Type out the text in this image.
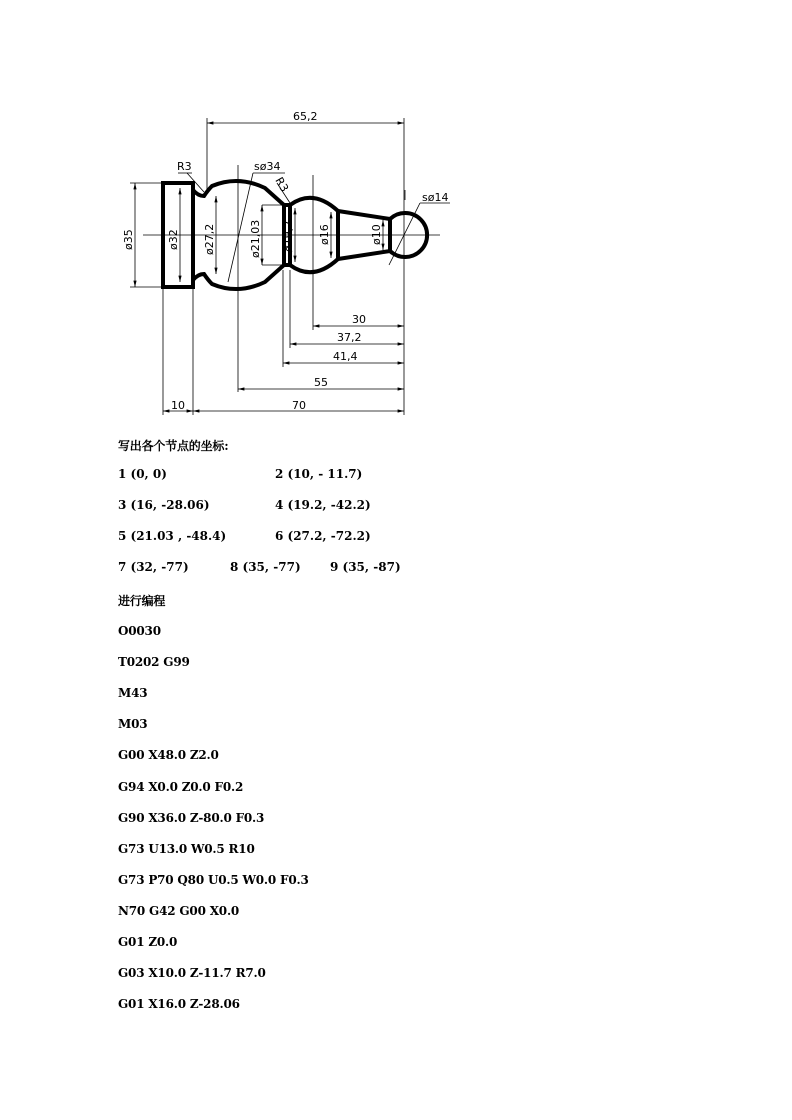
65,2
R3	sø34
R3
sø14
ø35	ø32 ø27,2	ø21,03 ø19,2 ø16	ø10
30
37,2
41,4
55
10	70
写出各个节点的坐标:
1 (0, 0)	2 (10, - 11.7)
3 (16, -28.06)	4 (19.2, -42.2)
5 (21.03 , -48.4)	6 (27.2, -72.2)
7 (32, -77)	8 (35, -77) 9 (35, -87)
进行编程
O0030
T0202 G99
M43
M03
G00 X48.0 Z2.0
G94 X0.0 Z0.0 F0.2
G90 X36.0 Z-80.0 F0.3
G73 U13.0 W0.5 R10
G73 P70 Q80 U0.5 W0.0 F0.3
N70 G42 G00 X0.0
G01 Z0.0
G03 X10.0 Z-11.7 R7.0
G01 X16.0 Z-28.06
